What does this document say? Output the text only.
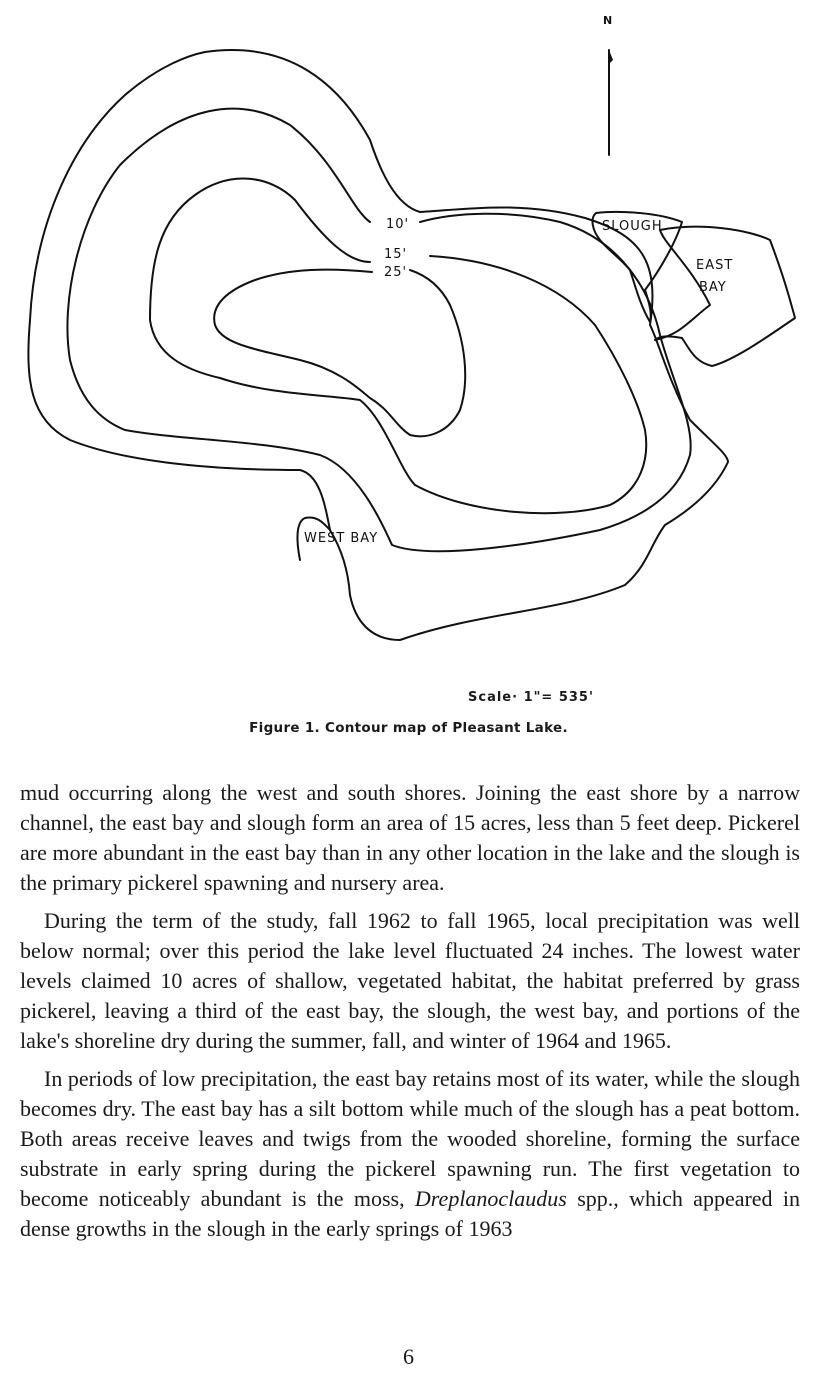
N
10'
15'
25'
SLOUGH
EAST
BAY
WEST BAY
Scale· 1"= 535'
Figure 1. Contour map of Pleasant Lake.

mud occurring along the west and south shores. Joining the east shore by a narrow channel, the east bay and slough form an area of 15 acres, less than 5 feet deep. Pickerel are more abundant in the east bay than in any other location in the lake and the slough is the primary pickerel spawning and nursery area.

During the term of the study, fall 1962 to fall 1965, local precipitation was well below normal; over this period the lake level fluctuated 24 inches. The lowest water levels claimed 10 acres of shallow, vegetated habitat, the habitat preferred by grass pickerel, leaving a third of the east bay, the slough, the west bay, and portions of the lake's shoreline dry during the summer, fall, and winter of 1964 and 1965.

In periods of low precipitation, the east bay retains most of its water, while the slough becomes dry. The east bay has a silt bottom while much of the slough has a peat bottom. Both areas receive leaves and twigs from the wooded shoreline, forming the surface substrate in early spring during the pickerel spawning run. The first vegetation to become noticeably abundant is the moss, Dreplanoclaudus spp., which appeared in dense growths in the slough in the early springs of 1963

6
